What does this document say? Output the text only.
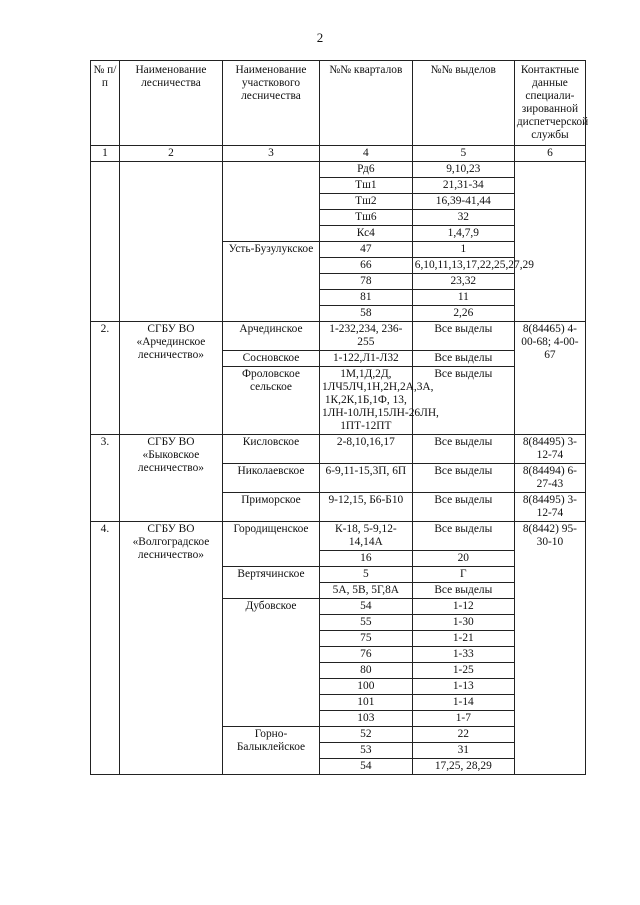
2
№ п/п	Наименование лесничества	Наименование участкового лесничества	№№ кварталов	№№ выделов	Контактные данные специали-зированной диспетчерской службы
1	2	3	4	5	6
			Рд6	9,10,23	
			Тш1	21,31-34	
			Тш2	16,39-41,44	
			Тш6	32	
			Кс4	1,4,7,9	
		Усть-Бузулукское	47	1	
			66	6,10,11,13,17,22,25,27,29	
			78	23,32	
			81	11	
			58	2,26	
2.	СГБУ ВО «Арчединское лесничество»	Арчединское	1-232,234, 236-255	Все выделы	8(84465) 4-00-68; 4-00-67
		Сосновское	1-122,Л1-Л32	Все выделы	
		Фроловское сельское	1М,1Д,2Д, 1ЛЧ5ЛЧ,1Н,2Н,2А,3А, 1К,2К,1Б,1Ф, 13, 1ЛН-10ЛН,15ЛН-26ЛН, 1ПТ-12ПТ	Все выделы	
3.	СГБУ ВО «Быковское лесничество»	Кисловское	2-8,10,16,17	Все выделы	8(84495) 3-12-74
		Николаевское	6-9,11-15,3П, 6П	Все выделы	8(84494) 6-27-43
		Приморское	9-12,15, Б6-Б10	Все выделы	8(84495) 3-12-74
4.	СГБУ ВО «Волгоградское лесничество»	Городищенское	К-18, 5-9,12-14,14А	Все выделы	8(8442) 95-30-10
			16	20	
		Вертячинское	5	Г	
			5А, 5В, 5Г,8А	Все выделы	
		Дубовское	54	1-12	
			55	1-30	
			75	1-21	
			76	1-33	
			80	1-25	
			100	1-13	
			101	1-14	
			103	1-7	
		Горно-Балыклейское	52	22	
			53	31	
			54	17,25, 28,29	
